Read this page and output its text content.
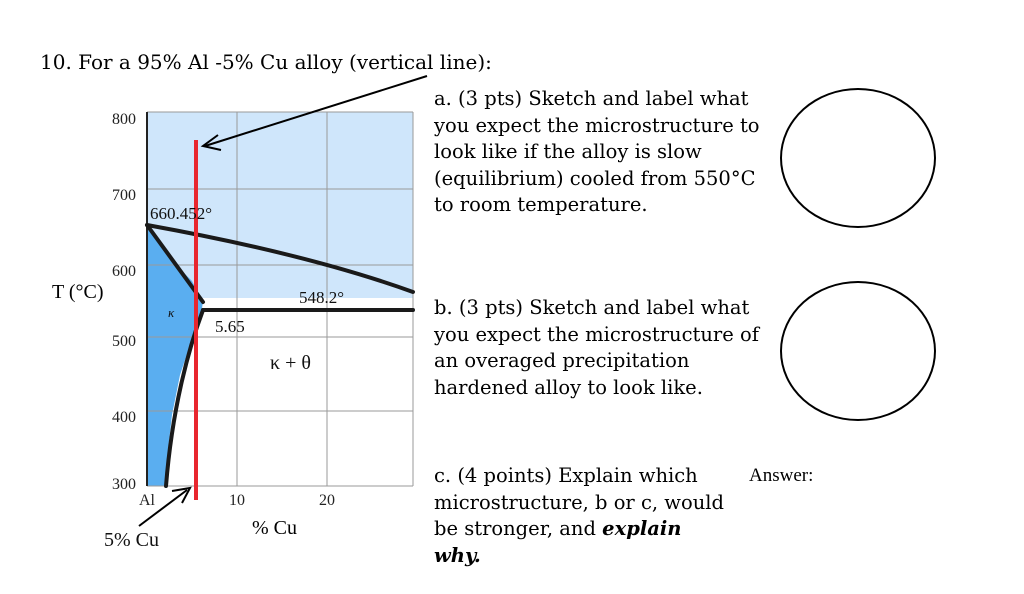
10. For a 95% Al -5% Cu alloy (vertical line):
800
700
600
500
400
300
Al	10	20
T (°C)
% Cu
660.452°
548.2°
5.65
κ
κ + θ
5% Cu
a. (3 pts) Sketch and label what
you expect the microstructure to
look like if the alloy is slow
(equilibrium) cooled from 550°C
to room temperature.
b. (3 pts) Sketch and label what
you expect the microstructure of
an overaged precipitation
hardened alloy to look like.
c. (4 points) Explain which
microstructure, b or c, would
be stronger, and explain
why.
Answer:
